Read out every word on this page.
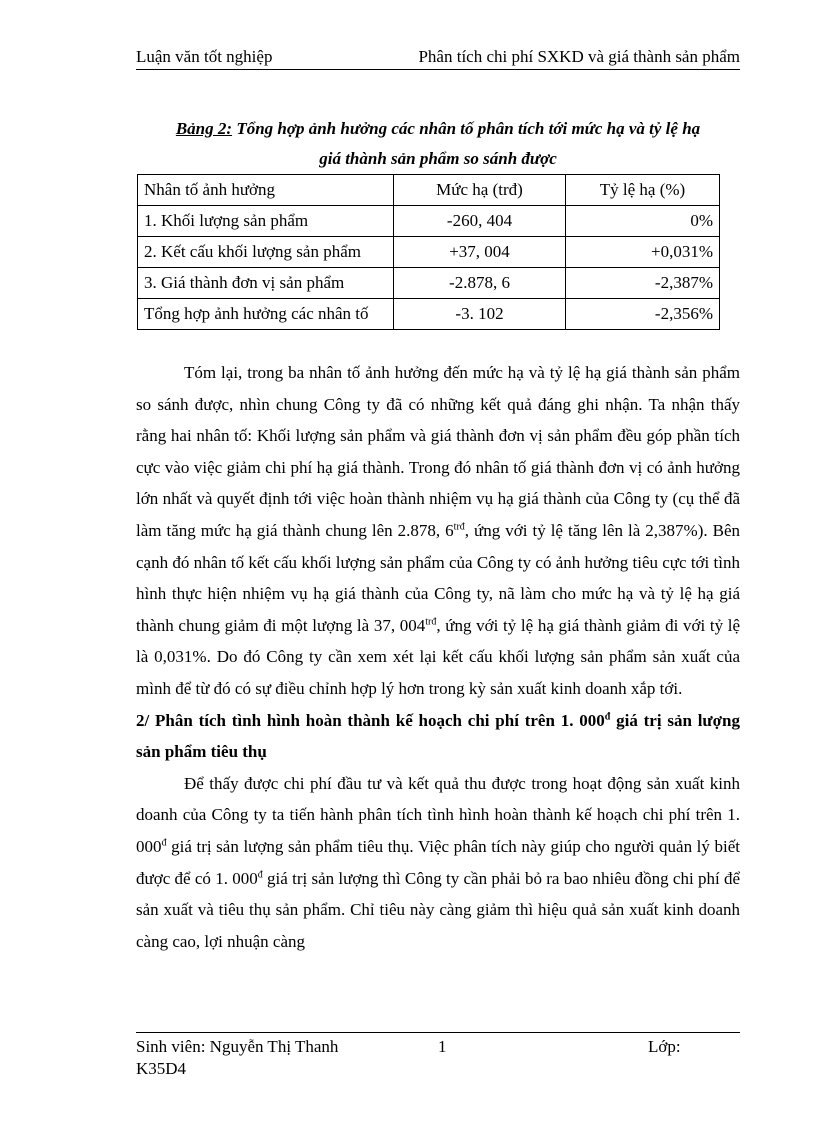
Luận văn tốt nghiệp	Phân tích chi phí SXKD và giá thành sản phẩm
Bảng 2: Tổng hợp ảnh hưởng các nhân tố phân tích tới mức hạ và tỷ lệ hạ
giá thành sản phẩm so sánh được
Nhân tố ảnh hưởng	Mức hạ (trđ)	Tỷ lệ hạ (%)
1. Khối lượng sản phẩm	-260, 404	0%
2. Kết cấu khối lượng sản phẩm	+37, 004	+0,031%
3. Giá thành đơn vị sản phẩm	-2.878, 6	-2,387%
Tổng hợp ảnh hưởng các nhân tố	-3. 102	-2,356%

Tóm lại, trong ba nhân tố ảnh hưởng đến mức hạ và tỷ lệ hạ giá thành sản phẩm so sánh được, nhìn chung Công ty đã có những kết quả đáng ghi nhận. Ta nhận thấy rằng hai nhân tố: Khối lượng sản phẩm và giá thành đơn vị sản phẩm đều góp phần tích cực vào việc giảm chi phí hạ giá thành. Trong đó nhân tố giá thành đơn vị có ảnh hưởng lớn nhất và quyết định tới việc hoàn thành nhiệm vụ hạ giá thành của Công ty (cụ thể đã làm tăng mức hạ giá thành chung lên 2.878, $6^{trđ}$, ứng với tỷ lệ tăng lên là 2,387%). Bên cạnh đó nhân tố kết cấu khối lượng sản phẩm của Công ty có ảnh hưởng tiêu cực tới tình hình thực hiện nhiệm vụ hạ giá thành của Công ty, nã làm cho mức hạ và tỷ lệ hạ giá thành chung giảm đi một lượng là 37, $004^{trđ}$, ứng với tỷ lệ hạ giá thành giảm đi với tỷ lệ là 0,031%. Do đó Công ty cần xem xét lại kết cấu khối lượng sản phẩm sản xuất của mình để từ đó có sự điều chỉnh hợp lý hơn trong kỳ sản xuất kinh doanh xắp tới.

2/ Phân tích tình hình hoàn thành kế hoạch chi phí trên 1. $000^đ$ giá trị sản lượng sản phẩm tiêu thụ

Để thấy được chi phí đầu tư và kết quả thu được trong hoạt động sản xuất kinh doanh của Công ty ta tiến hành phân tích tình hình hoàn thành kế hoạch chi phí trên 1. $000^đ$ giá trị sản lượng sản phẩm tiêu thụ. Việc phân tích này giúp cho người quản lý biết được để có 1. $000^đ$ giá trị sản lượng thì Công ty cần phải bỏ ra bao nhiêu đồng chi phí để sản xuất và tiêu thụ sản phẩm. Chỉ tiêu này càng giảm thì hiệu quả sản xuất kinh doanh càng cao, lợi nhuận càng

Sinh viên: Nguyễn Thị Thanh K35D4
1	Lớp:
